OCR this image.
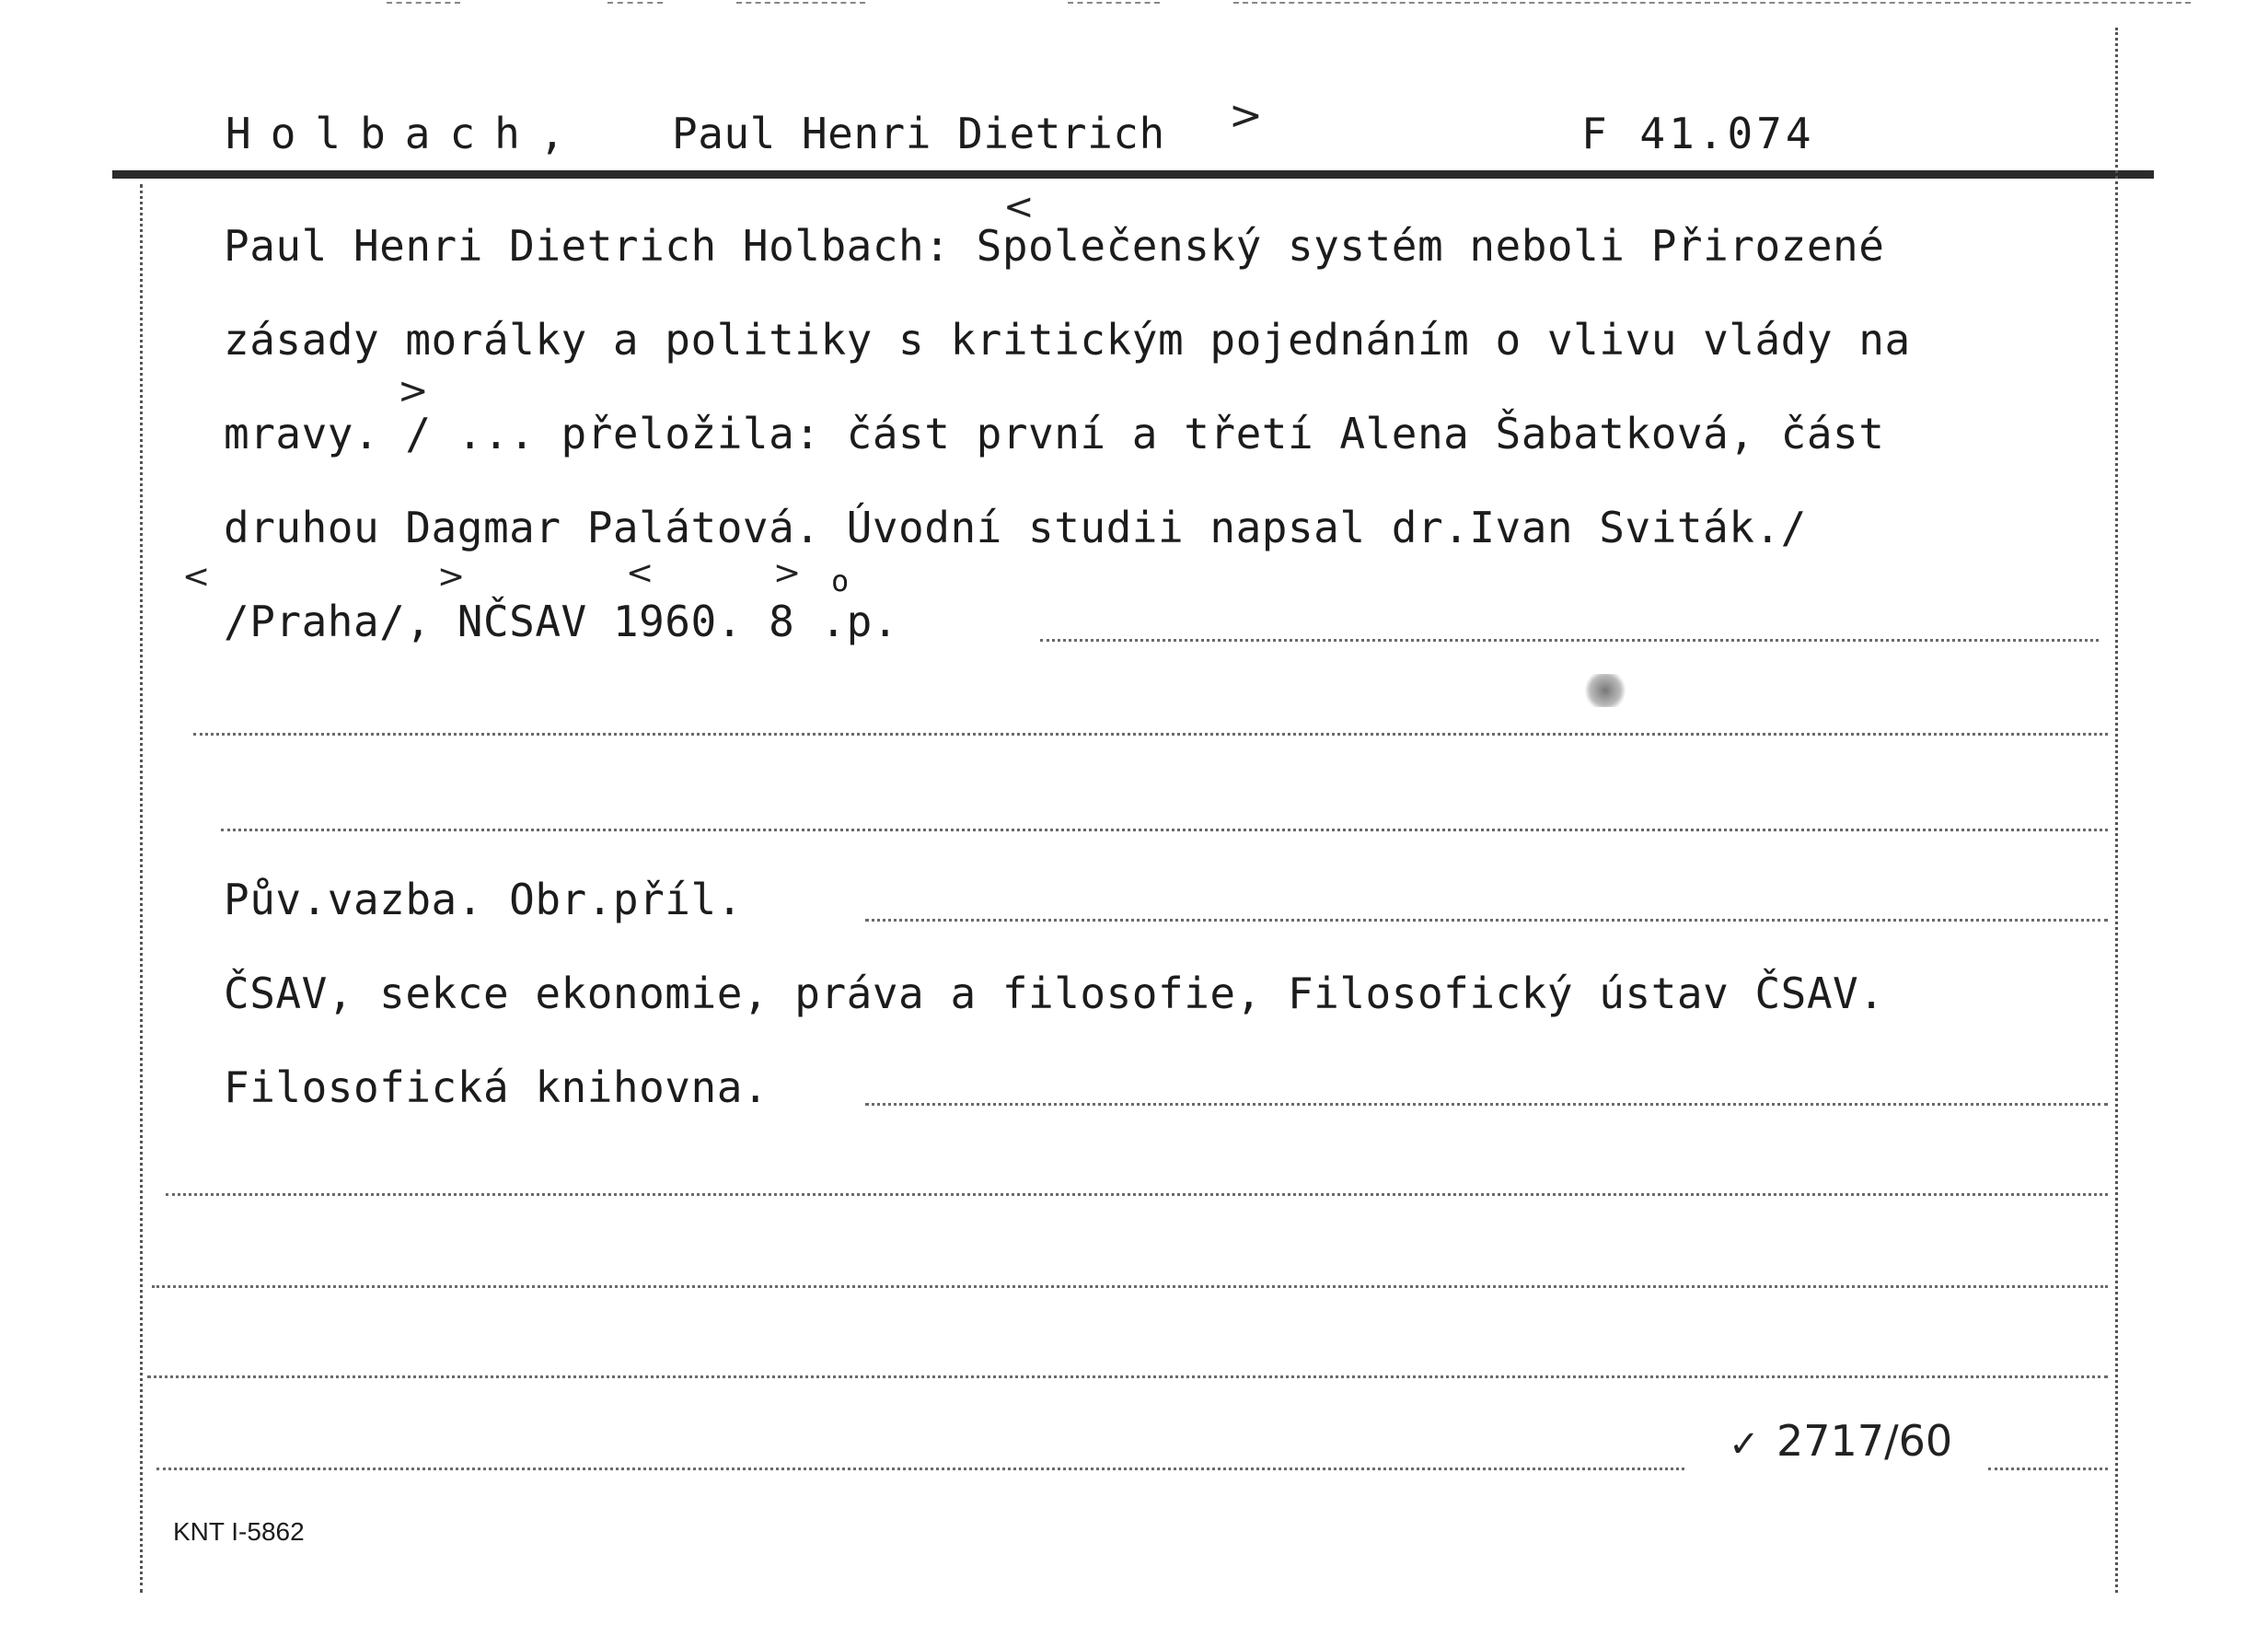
Holbach, Paul Henri Dietrich >	F 41.074
<
Paul Henri Dietrich Holbach: Společenský systém neboli Přirozené
zásady morálky a politiky s kritickým pojednáním o vlivu vlády na
>
mravy. / ... přeložila: část první a třetí Alena Šabatková, část
druhou Dagmar Palátová. Úvodní studii napsal dr.Ivan Sviták./
<	>	<	>
/Praha/, NČSAV 1960. 8 .p.
o
Pův.vazba. Obr.příl.
ČSAV, sekce ekonomie, práva a filosofie, Filosofický ústav ČSAV.
Filosofická knihovna.
✓ 2717/60
KNT I-5862
